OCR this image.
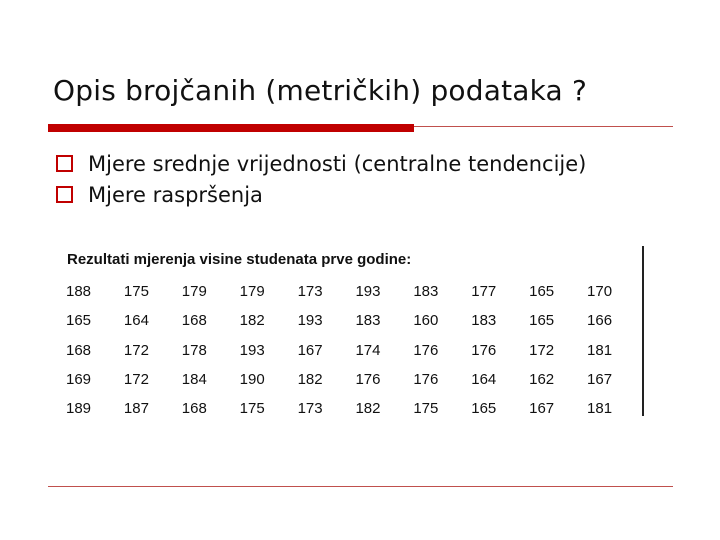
Opis brojčanih (metričkih) podataka ?
Mjere srednje vrijednosti (centralne tendencije)
Mjere raspršenja
Rezultati mjerenja visine studenata prve godine:
188	175	179	179	173	193	183	177	165	170
165	164	168	182	193	183	160	183	165	166
168	172	178	193	167	174	176	176	172	181
169	172	184	190	182	176	176	164	162	167
189	187	168	175	173	182	175	165	167	181
